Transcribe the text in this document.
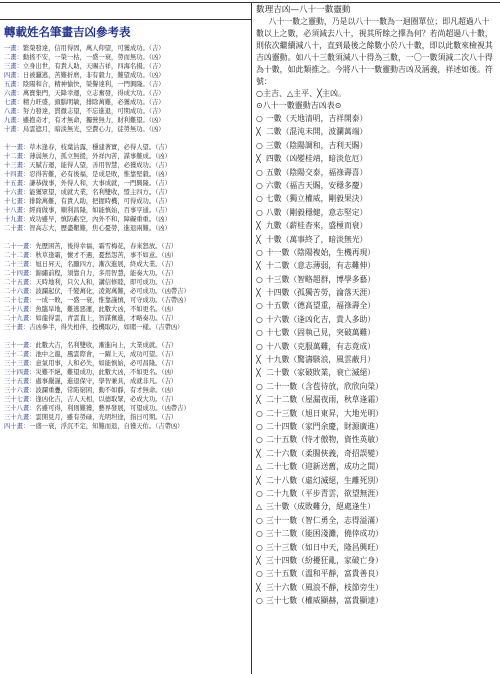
轉載姓名筆畫吉凶參考表
一畫：繁榮發達，信用得固，萬人仰望，可獲成功。（吉）
二畫：動搖不安，一榮一枯，一盛一衰，勞而無功。（凶）
三畫：立身出世，有貴人助，天賜吉祥，四海名揚。（吉）
四畫：日被蠶逃，苦難折磨，非有毅力，難望成功。（凶）
五畫：陰陽和合，精神愉快，榮譽達利，一門興隆。（吉）
六畫：萬寶集門，天降幸運，立志奮發，得成大功。（吉）
七畫：精力旺盛，頭腦明敏，排除萬難，必獲成功。（吉）
八畫：努力發達，貫徹志望，不忘進退，可期成功。（吉）
九畫：雖抱奇才，有才無命，獨營無力，財利難望。（凶）
十畫：烏雲遮月，暗淡無光，空費心力，徒勞無功。（凶）
十一畫：草木逢春，枝葉沾露，穩建著實，必得人望。（吉）
十二畫：薄弱無力，孤立無援，外祥內苦，謀事難成。（凶）
十三畫：天賦吉運，能得人望，善用智慧，必獲成功。（吉）
十四畫：忍得苦難，必有後福，是成是敗，惟靠堅毅。（凶）
十五畫：謙恭做事，外得人和，大事成就，一門興隆。（吉）
十六畫：能獲眾望，成就大業，名利雙收，盟主四方。（吉）
十七畫：排除萬難，有貴人助，把握時機，可得成功。（吉）
十八畫：經商做事，順利昌隆，如能慎始，百事亨通。（吉）
十九畫：成功雖早，慎防虧空，內外不和，障礙重重。（凶）
二十畫：智高志大，歷盡艱難，焦心憂勞，進退兩難。（凶）
二十一畫：先歷困苦，後得幸福，霜雪梅花，春來怒放。（吉）
二十二畫：秋草逢霜，懷才不遇，憂愁怨苦，事不如意。（凶）
二十三畫：旭日昇天，名顯四方，漸次進展，終成大業。（吉）
二十四畫：錦繡前程，須靠自力，多用智慧，能奏大功。（吉）
二十五畫：天時地利，只欠人和，講信修睦，即可成功。（吉）
二十六畫：波瀾起伏，千變萬化，凌駕萬難，必可成功。（凶帶吉）
二十七畫：一成一敗，一盛一衰，惟靠謹慎，可守成功。（吉帶凶）
二十八畫：魚臨旱地，難逃惡運，此數大凶，不如更名。（凶）
二十九畫：如龍得雲，青雲直上，智謀奮進，才略奏功。（吉）
三十畫：吉凶參半，得失相伴，投機取巧，如賭一樣。（吉帶凶）
三十一畫：此數大吉，名利雙收，漸進向上，大業成就。（吉）
三十二畫：池中之龍，風雲際會，一躍上天，成功可望。（吉）
三十三畫：意氣用事，人和必失，如能慎始，必可昌隆。（吉）
三十四畫：災難不絕，難望成功，此數大凶，不如更名。（凶）
三十五畫：處事嚴謹，進退保守，學智兼具，成就非凡。（吉）
三十六畫：波瀾重疊，常陷窮困，動不如靜，有才無命。（凶）
三十七畫：逢凶化吉，吉人天相，以德取眾，必成大功。（吉）
三十八畫：名雖可得，利則難獲，藝界發展，可望成功。（凶帶吉）
三十九畫：雲開見月，雖有勞碌，光明坦途，指日可期。（吉）
四十畫：一盛一衰，浮沉不定，知難而退，自獲天佑。（吉帶凶）
數理吉凶—八十一數靈動

八十一數之靈動，乃是以八十一數為一迴圈單位；即凡超過八十數以上之數，必須減去八十，視其所餘之擇為何？若尚超過八十數，則依次繼續減八十，直到最後之餘數小於八十數，即以此數來檢視其吉凶靈動。如八十三數須減八十得為三數，一〇一數須減二次八十得為十數，如此類推之。今將八十一數靈動吉凶及涵義，祥述如後。符號：

○主吉、△主平、╳主凶。
⊙八十一數靈動吉凶表⊙
○ 一數（天地清明，吉祥開泰）
╳ 二數（混沌未開，波瀾萬端）
○ 三數（陰陽調和，吉利天賜）
╳ 四數（凶變桂靖，暗淡危厄）
○ 五數（陰陽交泰，福祿壽喜）
○ 六數（福吉天賜，安穩多慶）
○ 七數（獨立權威，剛毅果決）
○ 八數（剛毅穩健，意志堅定）
╳ 九數（薪桂杳來，盛極而衰）
╳ 十數（萬事終了，暗淡無光）
○ 十一數（陰陽複始，生機再現）
╳ 十二數（意志薄弱，有志難伸）
○ 十三數（智略超群，博學多藝）
╳ 十四數（孤獨苦勞，淪落天涯）
○ 十五數（德高望重，福祿壽全）
○ 十六數（逢凶化吉，貴人多助）
○ 十七數（固執己見，突破萬難）
○ 十八數（克服萬難，有志竟成）
╳ 十九數（驚濤駭浪，風雲蔽月）
╳ 二十數（家破敗業，衰亡滅絕）
○ 二十一數（含苞待放，欣欣向榮）
╳ 二十二數（屋漏夜雨，秋草逢霜）
○ 二十三數（旭日東昇，大地光明）
○ 二十四數（家門余慶，財源廣進）
○ 二十五數（恃才傲物，資性英敏）
╳ 二十六數（柔腸俠義，奇招誤變）
△ 二十七數（迎新送舊，成功之間）
╳ 二十八數（虛幻滅絕，生離死別）
○ 二十九數（平步青雲，欲望無涯）
△ 三十數（成敗難分，絕處逢生）
○ 三十一數（智仁勇全，志得溢滿）
○ 三十二數（能困淺灘，僥倖成功）
○ 三十三數（如日中天，隆昌興旺）
╳ 三十四數（紛擾狂亂，家破亡身）
○ 三十五數（溫和平靜，富貴善良）
╳ 三十六數（風浪不靜，枝節旁生）
○ 三十七數（權威顯赫，富貴顯達）
